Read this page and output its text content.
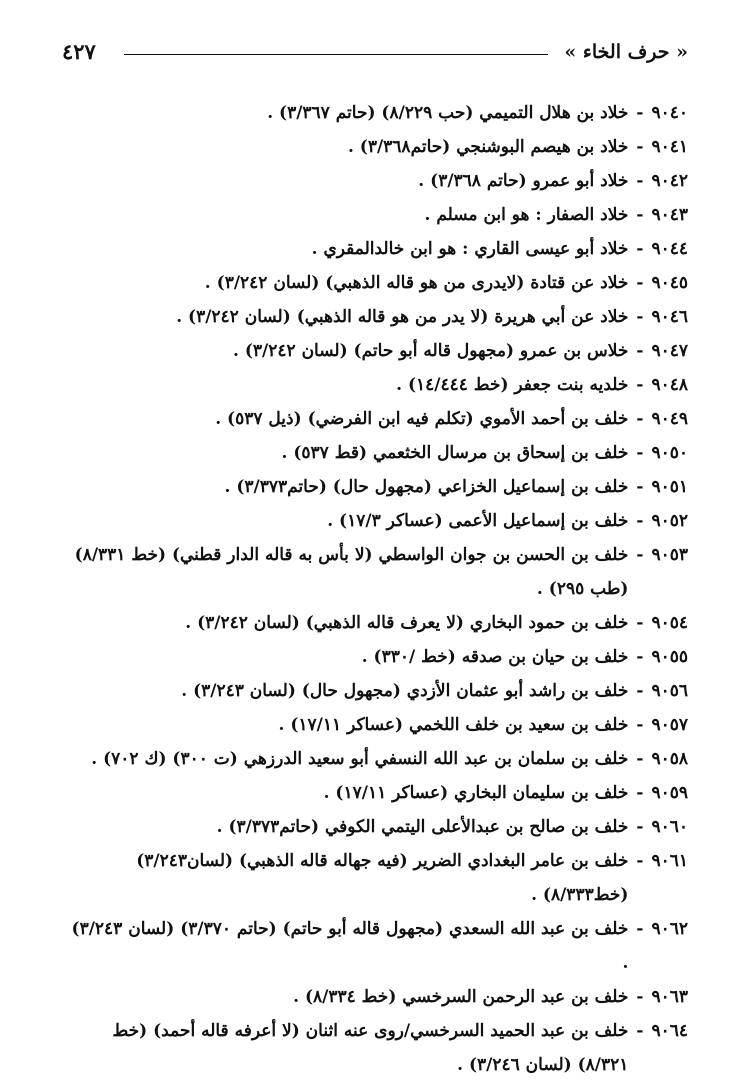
٤٢٧	« حرف الخاء »
٩٠٤٠
-
خلاد بن هلال التميمي (حب ٨/٢٢٩) (حاتم ٣/٣٦٧) .
٩٠٤١
-
خلاد بن هيصم البوشنجي (حاتم٣/٣٦٨) .
٩٠٤٢
-
خلاد أبو عمرو (حاتم ٣/٣٦٨) .
٩٠٤٣
-
خلاد الصفار : هو ابن مسلم .
٩٠٤٤
-
خلاد أبو عيسى القاري : هو ابن خالدالمقري .
٩٠٤٥
-
خلاد عن قتادة (لايدرى من هو قاله الذهبي) (لسان ٣/٢٤٢) .
٩٠٤٦
-
خلاد عن أبي هريرة (لا يدر من هو قاله الذهبي) (لسان ٣/٢٤٢) .
٩٠٤٧
-
خلاس بن عمرو (مجهول قاله أبو حاتم) (لسان ٣/٢٤٢) .
٩٠٤٨
-
خلديه بنت جعفر (خط ١٤/٤٤٤) .
٩٠٤٩
-
خلف بن أحمد الأموي (تكلم فيه ابن الفرضي) (ذيل ٥٣٧) .
٩٠٥٠
-
خلف بن إسحاق بن مرسال الخثعمي (قط ٥٣٧) .
٩٠٥١
-
خلف بن إسماعيل الخزاعي (مجهول حال) (حاتم٣/٣٧٣) .
٩٠٥٢
-
خلف بن إسماعيل الأعمى (عساكر ١٧/٣) .
٩٠٥٣
-
خلف بن الحسن بن جوان الواسطي (لا بأس به قاله الدار قطني) (خط ٨/٣٣١) (طب ٢٩٥) .
٩٠٥٤
-
خلف بن حمود البخاري (لا يعرف قاله الذهبي) (لسان ٣/٢٤٢) .
٩٠٥٥
-
خلف بن حيان بن صدقه (خط /٣٣٠) .
٩٠٥٦
-
خلف بن راشد أبو عثمان الأزدي (مجهول حال) (لسان ٣/٢٤٣) .
٩٠٥٧
-
خلف بن سعيد بن خلف اللخمي (عساكر ١٧/١١) .
٩٠٥٨
-
خلف بن سلمان بن عبد الله النسفي أبو سعيد الدرزهي (ت ٣٠٠) (ك ٧٠٢) .
٩٠٥٩
-
خلف بن سليمان البخاري (عساكر ١٧/١١) .
٩٠٦٠
-
خلف بن صالح بن عبدالأعلى اليتمي الكوفي (حاتم٣/٣٧٣) .
٩٠٦١
-
خلف بن عامر البغدادي الضرير (فيه جهاله قاله الذهبي) (لسان٣/٢٤٣) (خط٨/٣٣٣) .
٩٠٦٢
-
خلف بن عبد الله السعدي (مجهول قاله أبو حاتم) (حاتم ٣/٣٧٠) (لسان ٣/٢٤٣) .
٩٠٦٣
-
خلف بن عبد الرحمن السرخسي (خط ٨/٣٣٤) .
٩٠٦٤
-
خلف بن عبد الحميد السرخسي/روى عنه اثنان (لا أعرفه قاله أحمد) (خط ٨/٣٢١) (لسان ٣/٢٤٦) .
